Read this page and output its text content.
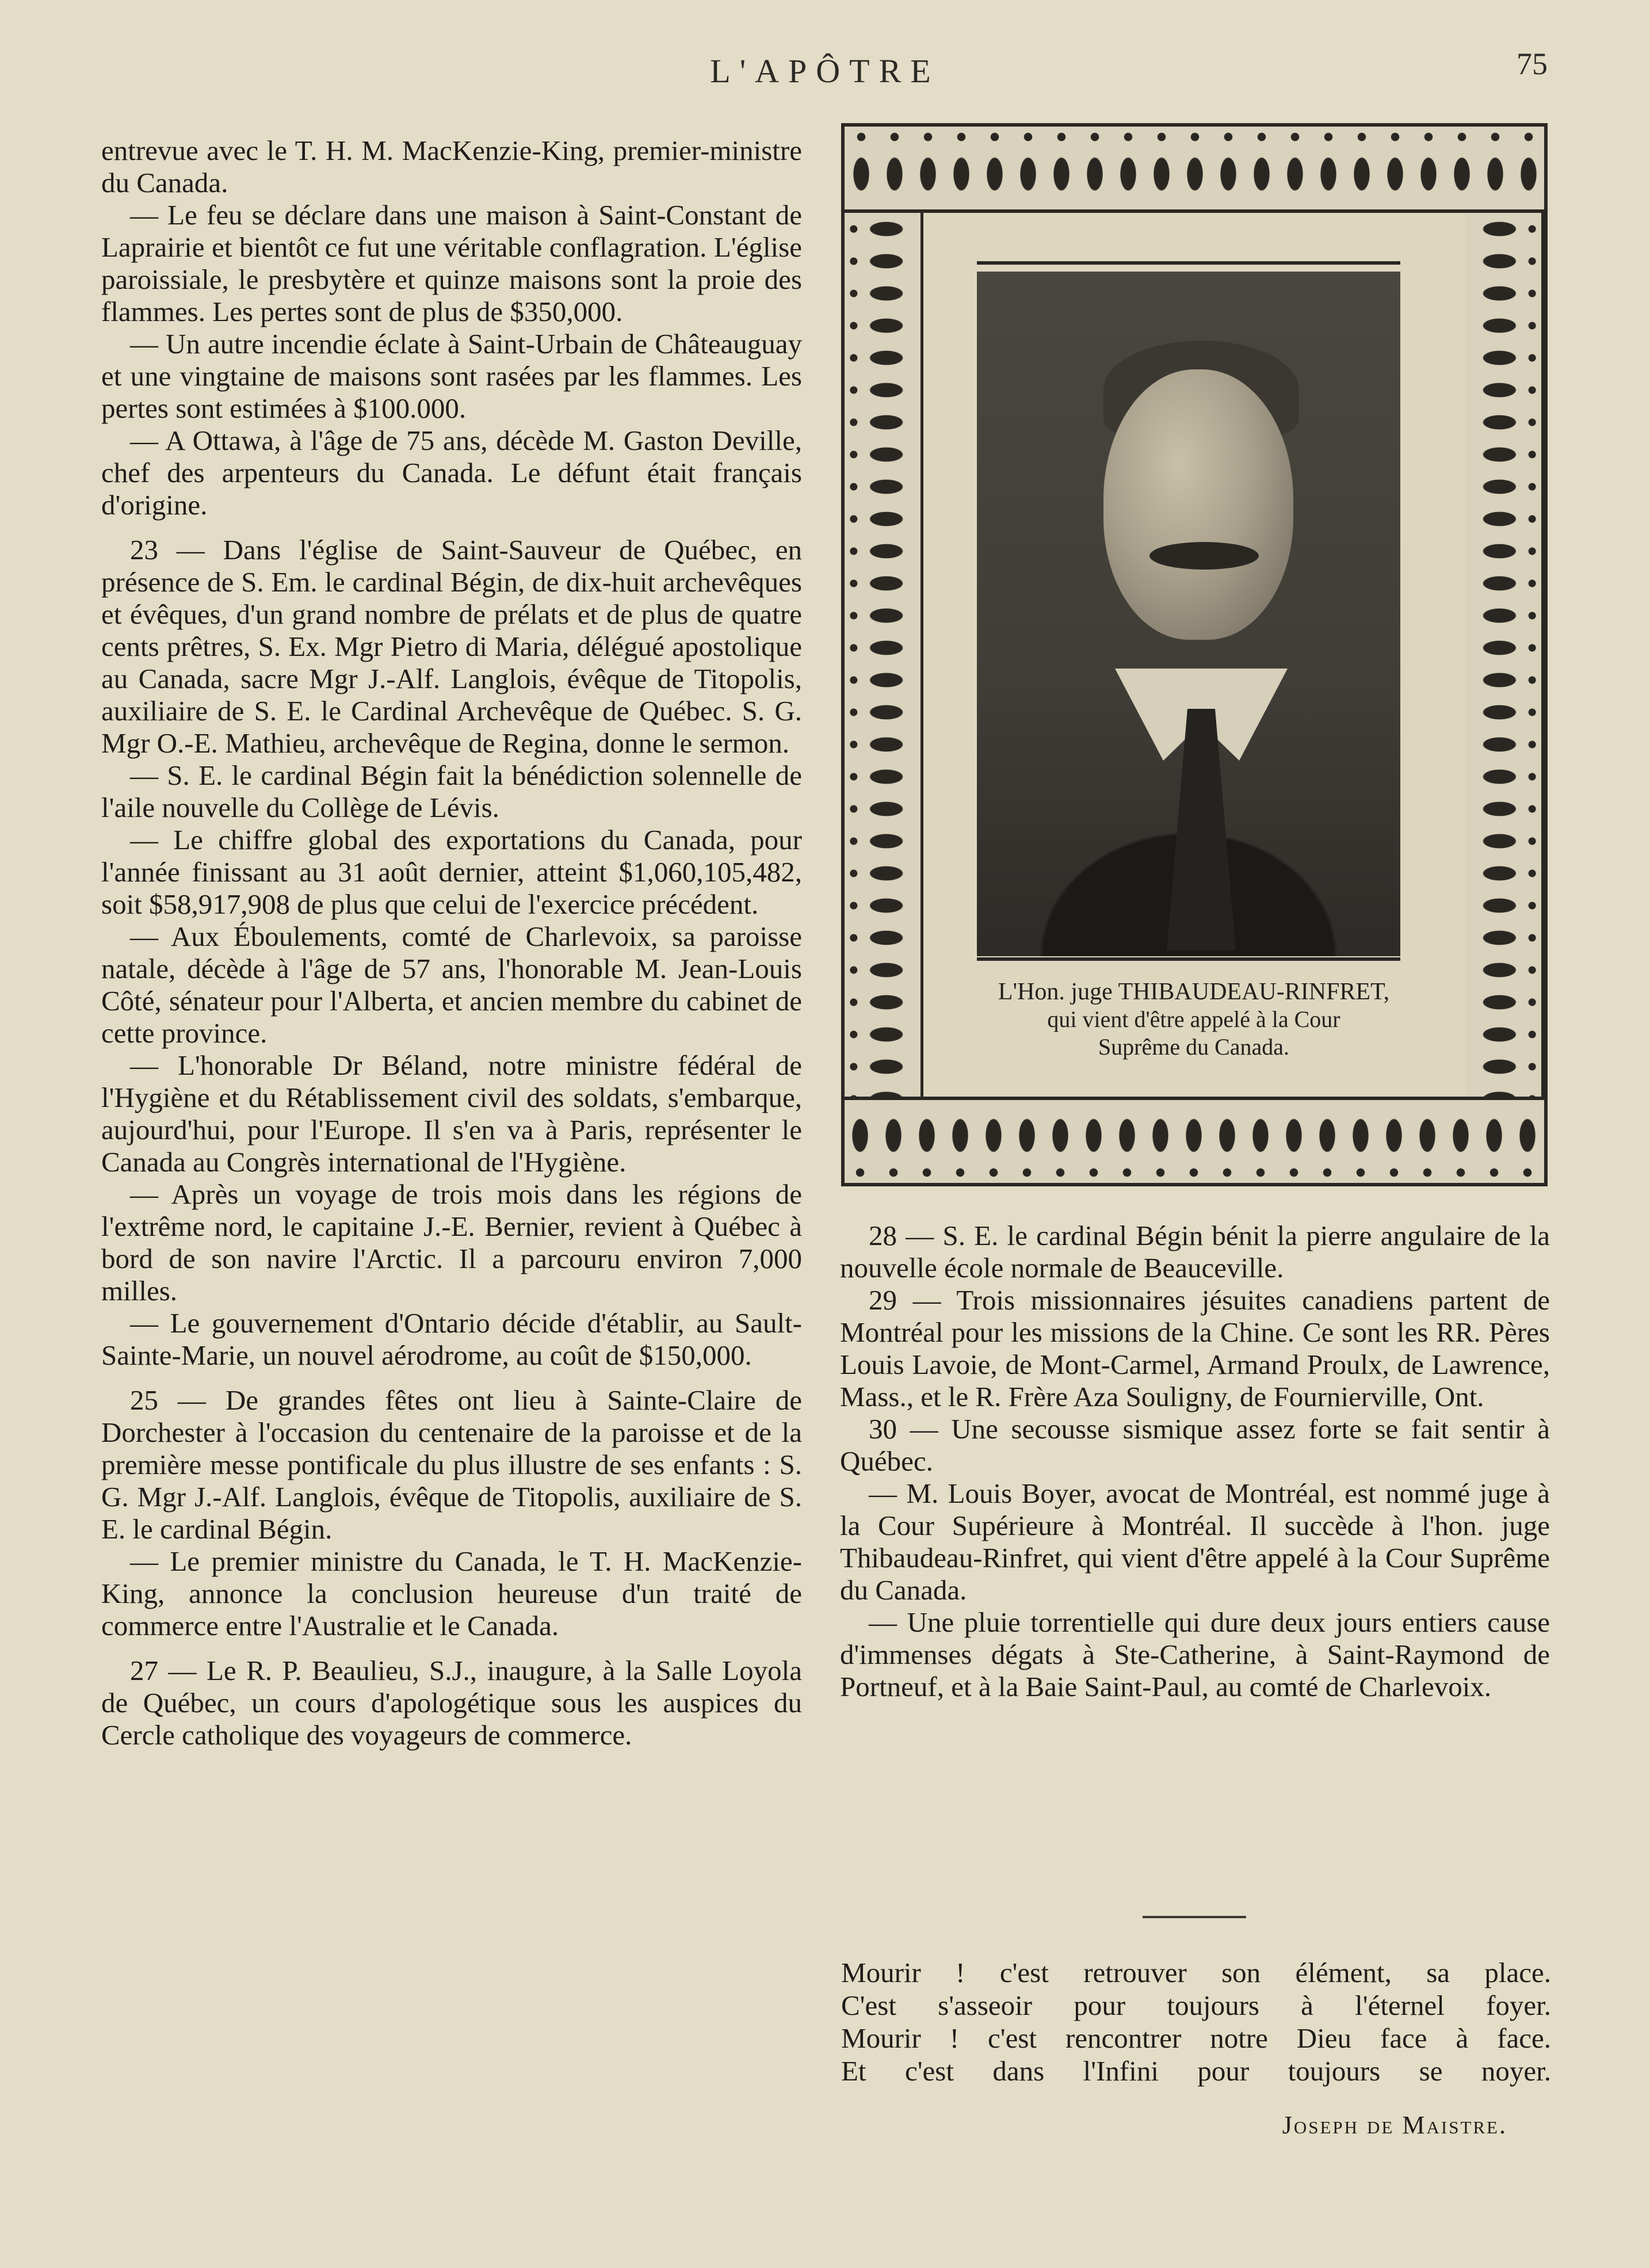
L'APÔTRE	75

entrevue avec le T. H. M. MacKenzie-King, premier-ministre du Canada.

— Le feu se déclare dans une maison à Saint-Constant de Laprairie et bientôt ce fut une véritable conflagration. L'église paroissiale, le presbytère et quinze maisons sont la proie des flammes. Les pertes sont de plus de $350,000.

— Un autre incendie éclate à Saint-Urbain de Châteauguay et une vingtaine de maisons sont rasées par les flammes. Les pertes sont estimées à $100.000.

— A Ottawa, à l'âge de 75 ans, décède M. Gaston Deville, chef des arpenteurs du Canada. Le défunt était français d'origine.

23 — Dans l'église de Saint-Sauveur de Québec, en présence de S. Em. le cardinal Bégin, de dix-huit archevêques et évêques, d'un grand nombre de prélats et de plus de quatre cents prêtres, S. Ex. Mgr Pietro di Maria, délégué apostolique au Canada, sacre Mgr J.-Alf. Langlois, évêque de Titopolis, auxiliaire de S. E. le Cardinal Archevêque de Québec. S. G. Mgr O.-E. Mathieu, archevêque de Regina, donne le sermon.

— S. E. le cardinal Bégin fait la bénédiction solennelle de l'aile nouvelle du Collège de Lévis.

— Le chiffre global des exportations du Canada, pour l'année finissant au 31 août dernier, atteint $1,060,105,482, soit $58,917,908 de plus que celui de l'exercice précédent.

— Aux Éboulements, comté de Charlevoix, sa paroisse natale, décède à l'âge de 57 ans, l'honorable M. Jean-Louis Côté, sénateur pour l'Alberta, et ancien membre du cabinet de cette province.

— L'honorable Dr Béland, notre ministre fédéral de l'Hygiène et du Rétablissement civil des soldats, s'embarque, aujourd'hui, pour l'Europe. Il s'en va à Paris, représenter le Canada au Congrès international de l'Hygiène.

— Après un voyage de trois mois dans les régions de l'extrême nord, le capitaine J.-E. Bernier, revient à Québec à bord de son navire l'Arctic. Il a parcouru environ 7,000 milles.

— Le gouvernement d'Ontario décide d'établir, au Sault-Sainte-Marie, un nouvel aérodrome, au coût de $150,000.

25 — De grandes fêtes ont lieu à Sainte-Claire de Dorchester à l'occasion du centenaire de la paroisse et de la première messe pontificale du plus illustre de ses enfants : S. G. Mgr J.-Alf. Langlois, évêque de Titopolis, auxiliaire de S. E. le cardinal Bégin.

— Le premier ministre du Canada, le T. H. MacKenzie-King, annonce la conclusion heureuse d'un traité de commerce entre l'Australie et le Canada.

27 — Le R. P. Beaulieu, S.J., inaugure, à la Salle Loyola de Québec, un cours d'apologétique sous les auspices du Cercle catholique des voyageurs de commerce.

L'Hon. juge THIBAUDEAU-RINFRET,
qui vient d'être appelé à la Cour
Suprême du Canada.

28 — S. E. le cardinal Bégin bénit la pierre angulaire de la nouvelle école normale de Beauceville.

29 — Trois missionnaires jésuites canadiens partent de Montréal pour les missions de la Chine. Ce sont les RR. Pères Louis Lavoie, de Mont-Carmel, Armand Proulx, de Lawrence, Mass., et le R. Frère Aza Souligny, de Fournierville, Ont.

30 — Une secousse sismique assez forte se fait sentir à Québec.

— M. Louis Boyer, avocat de Montréal, est nommé juge à la Cour Supérieure à Montréal. Il succède à l'hon. juge Thibaudeau-Rinfret, qui vient d'être appelé à la Cour Suprême du Canada.

— Une pluie torrentielle qui dure deux jours entiers cause d'immenses dégats à Ste-Catherine, à Saint-Raymond de Portneuf, et à la Baie Saint-Paul, au comté de Charlevoix.

Mourir ! c'est retrouver son élément, sa place.
C'est s'asseoir pour toujours à l'éternel foyer.
Mourir ! c'est rencontrer notre Dieu face à face.
Et c'est dans l'Infini pour toujours se noyer.
Joseph de Maistre.
